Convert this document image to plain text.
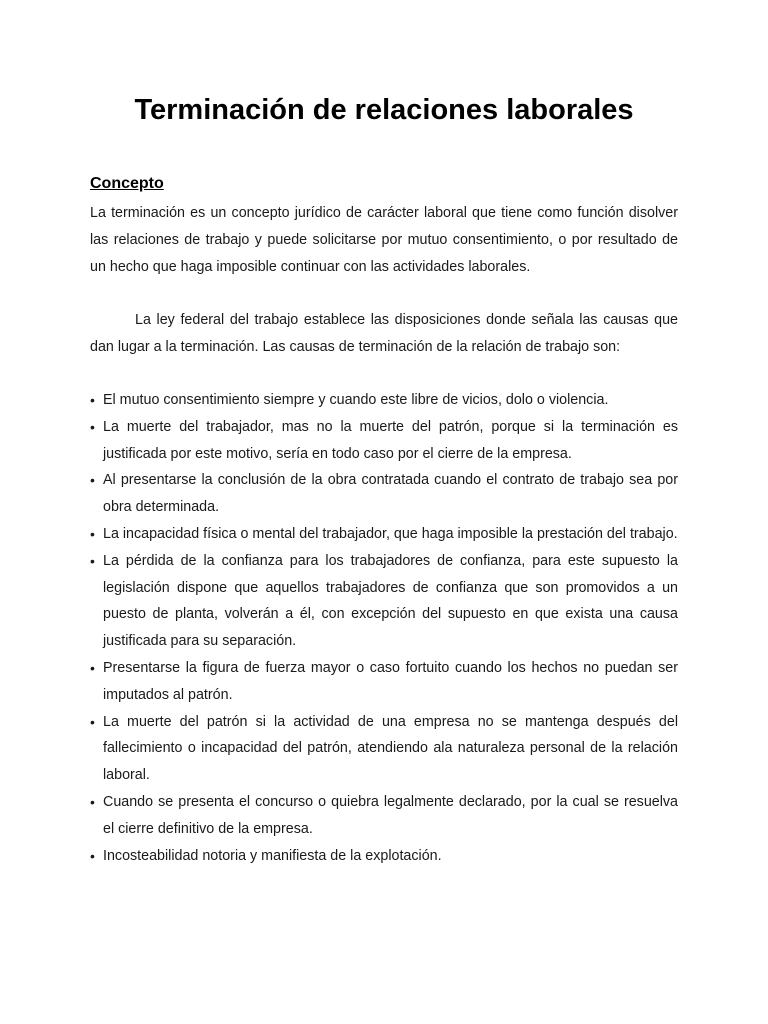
Terminación de relaciones laborales
Concepto

La terminación es un concepto jurídico de carácter laboral que tiene como función disolver las relaciones de trabajo y puede solicitarse por mutuo consentimiento, o por resultado de un hecho que haga imposible continuar con las actividades laborales.

La ley federal del trabajo establece las disposiciones donde señala las causas que dan lugar a la terminación. Las causas de terminación de la relación de trabajo son:

• El mutuo consentimiento siempre y cuando este libre de vicios, dolo o violencia.
• La muerte del trabajador, mas no la muerte del patrón, porque si la terminación es justificada por este motivo, sería en todo caso por el cierre de la empresa.
• Al presentarse la conclusión de la obra contratada cuando el contrato de trabajo sea por obra determinada.
• La incapacidad física o mental del trabajador, que haga imposible la prestación del trabajo.
• La pérdida de la confianza para los trabajadores de confianza, para este supuesto la legislación dispone que aquellos trabajadores de confianza que son promovidos a un puesto de planta, volverán a él, con excepción del supuesto en que exista una causa justificada para su separación.
• Presentarse la figura de fuerza mayor o caso fortuito cuando los hechos no puedan ser imputados al patrón.
• La muerte del patrón si la actividad de una empresa no se mantenga después del fallecimiento o incapacidad del patrón, atendiendo ala naturaleza personal de la relación laboral.
• Cuando se presenta el concurso o quiebra legalmente declarado, por la cual se resuelva el cierre definitivo de la empresa.
• Incosteabilidad notoria y manifiesta de la explotación.
